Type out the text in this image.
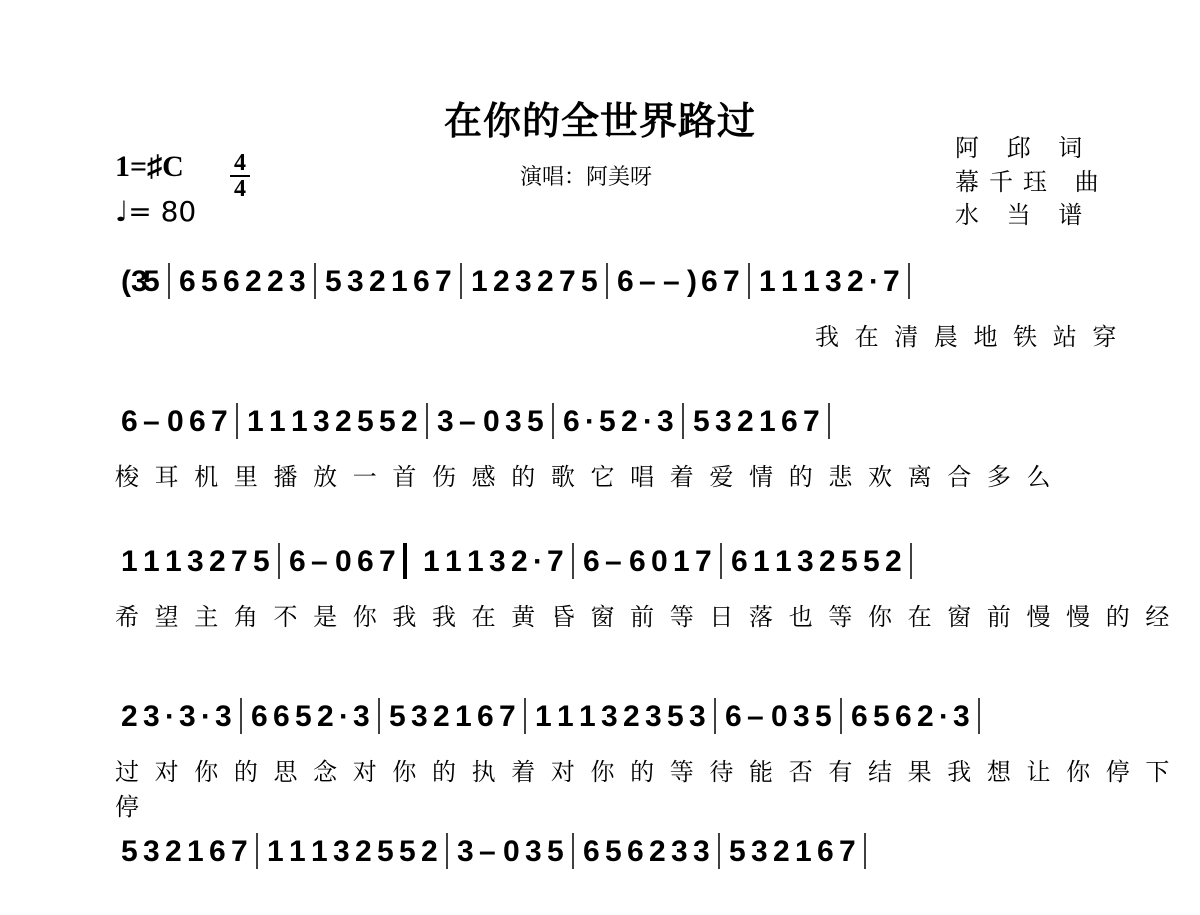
在你的全世界路过
阿 邱 词
幕千珏 曲
水 当 谱
演唱：阿美呀
1=♯C 4
4
♩= 80
(3
5 6 5 6 2 2 3 5 3 2 1 6 7 1 2 3 2 7 5 6 – – ) 6 7 1 1 1 3 2 · 7
我 在 清 晨 地 铁 站 穿
6 – 0 6 7 1 1 1 3 2 5 5 2 3 – 0 3 5 6 · 5 2 · 3 5 3 2 1 6 7
梭 耳 机 里 播 放 一 首 伤 感 的 歌 它 唱 着 爱 情 的 悲 欢 离 合 多 么
1 1 1 3 2 7 5 6 – 0 6 7 1 1 1 3 2 · 7 6 – 6 0 1 7 6 1 1 3 2 5 5 2
希 望 主 角 不 是 你 我 我 在 黄 昏 窗 前 等 日 落 也 等 你 在 窗 前 慢 慢 的 经
2 3 · 3 · 3 6 6 5 2 · 3 5 3 2 1 6 7 1 1 1 3 2 3 5 3 6 – 0 3 5 6 5 6 2 · 3
过 对 你 的 思 念 对 你 的 执 着 对 你 的 等 待 能 否 有 结 果 我 想 让 你 停 下 停
5 3 2 1 6 7 1 1 1 3 2 5 5 2 3 – 0 3 5 6 5 6 2 3 3 5 3 2 1 6 7
